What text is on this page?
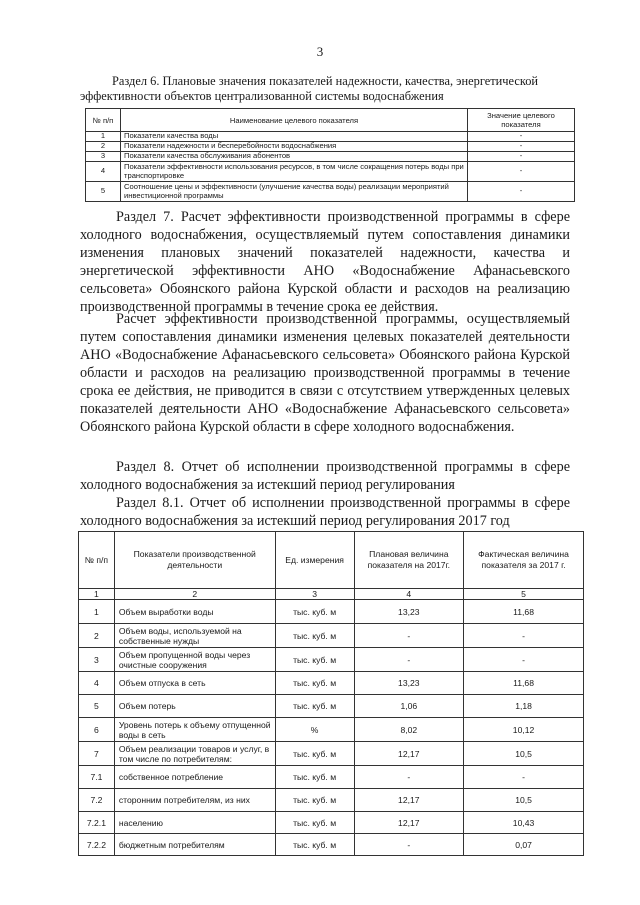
3
Раздел 6. Плановые значения показателей надежности, качества, энергетической
эффективности объектов централизованной системы водоснабжения
№ п/п	Наименование целевого показателя	Значение целевого показателя
1	Показатели качества воды	-
2	Показатели надежности и бесперебойности водоснабжения	-
3	Показатели качества обслуживания абонентов	-
4	Показатели эффективности использования ресурсов, в том числе сокращения потерь воды при транспортировке	-
5	Соотношение цены и эффективности (улучшение качества воды) реализации мероприятий инвестиционной программы	-
Раздел 7. Расчет эффективности производственной программы в сфере холодного водоснабжения, осуществляемый путем сопоставления динамики изменения плановых значений показателей надежности, качества и энергетической эффективности АНО «Водоснабжение Афанасьевского сельсовета» Обоянского района Курской области и расходов на реализацию производственной программы в течение срока ее действия.
Расчет эффективности производственной программы, осуществляемый путем сопоставления динамики изменения целевых показателей деятельности АНО «Водоснабжение Афанасьевского сельсовета» Обоянского района Курской области и расходов на реализацию производственной программы в течение срока ее действия, не приводится в связи с отсутствием утвержденных целевых показателей деятельности АНО «Водоснабжение Афанасьевского сельсовета» Обоянского района Курской области в сфере холодного водоснабжения.
Раздел 8. Отчет об исполнении производственной программы в сфере холодного водоснабжения за истекший период регулирования
Раздел 8.1. Отчет об исполнении производственной программы в сфере холодного водоснабжения за истекший период регулирования 2017 год
№ п/п	Показатели производственной деятельности	Ед. измерения	Плановая величина показателя на 2017г.	Фактическая величина показателя за 2017 г.
1	2	3	4	5
1	Объем выработки воды	тыс. куб. м	13,23	11,68
2	Объем воды, используемой на собственные нужды	тыс. куб. м	-	-
3	Объем пропущенной воды через очистные сооружения	тыс. куб. м	-	-
4	Объем отпуска в сеть	тыс. куб. м	13,23	11,68
5	Объем потерь	тыс. куб. м	1,06	1,18
6	Уровень потерь к объему отпущенной воды в сеть	%	8,02	10,12
7	Объем реализации товаров и услуг, в том числе по потребителям:	тыс. куб. м	12,17	10,5
7.1	собственное потребление	тыс. куб. м	-	-
7.2	сторонним потребителям, из них	тыс. куб. м	12,17	10,5
7.2.1	населению	тыс. куб. м	12,17	10,43
7.2.2	бюджетным потребителям	тыс. куб. м	-	0,07
